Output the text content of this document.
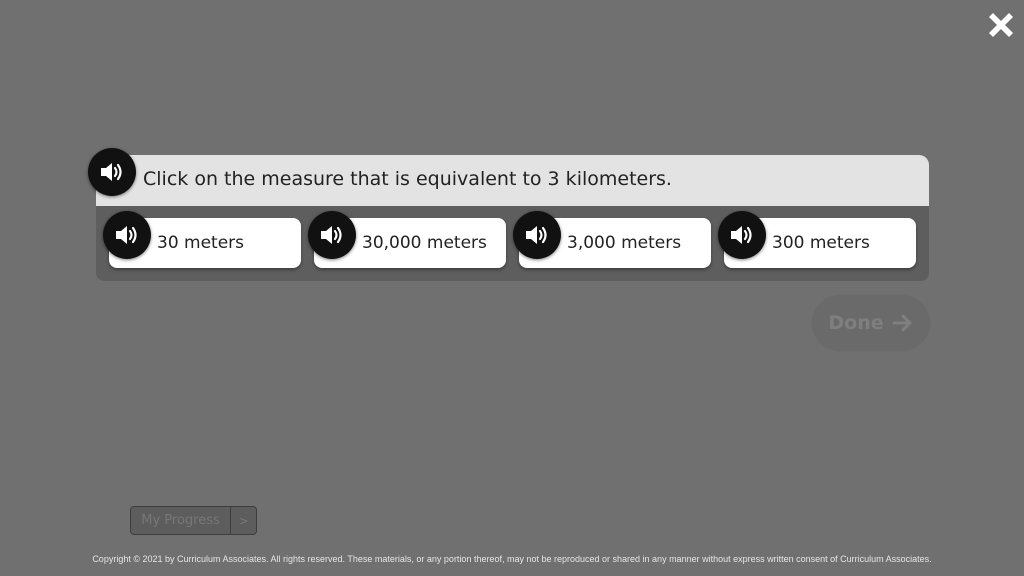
Click on the measure that is equivalent to 3 kilometers.
30 meters	30,000 meters	3,000 meters	300 meters
Done
My Progress	>
Copyright © 2021 by Curriculum Associates. All rights reserved. These materials, or any portion thereof, may not be reproduced or shared in any manner without express written consent of Curriculum Associates.
